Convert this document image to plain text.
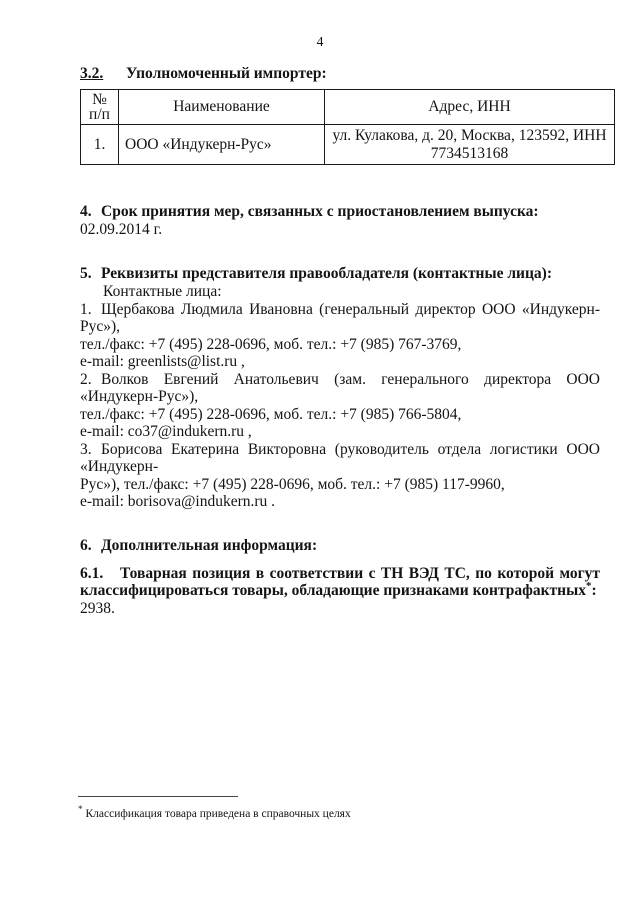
4
3.2. Уполномоченный импортер:
№
п/п	Наименование	Адрес, ИНН
1.	ООО «Индукерн-Рус»	ул. Кулакова, д. 20, Москва, 123592, ИНН 7734513168
4. Срок принятия мер, связанных с приостановлением выпуска: 02.09.2014 г.
5. Реквизиты представителя правообладателя (контактные лица):
Контактные лица:
1. Щербакова Людмила Ивановна (генеральный директор ООО «Индукерн-Рус»),
тел./факс: +7 (495) 228-0696, моб. тел.: +7 (985) 767-3769,
e-mail: greenlists@list.ru ,
2. Волков Евгений Анатольевич (зам. генерального директора ООО «Индукерн-Рус»),
тел./факс: +7 (495) 228-0696, моб. тел.: +7 (985) 766-5804,
e-mail: co37@indukern.ru ,
3. Борисова Екатерина Викторовна (руководитель отдела логистики ООО «Индукерн-
Рус»), тел./факс: +7 (495) 228-0696, моб. тел.: +7 (985) 117-9960,
e-mail: borisova@indukern.ru .
6. Дополнительная информация:
6.1. Товарная позиция в соответствии с ТН ВЭД ТС, по которой могут
классифицироваться товары, обладающие признаками контрафактных*:
2938.
* Классификация товара приведена в справочных целях
